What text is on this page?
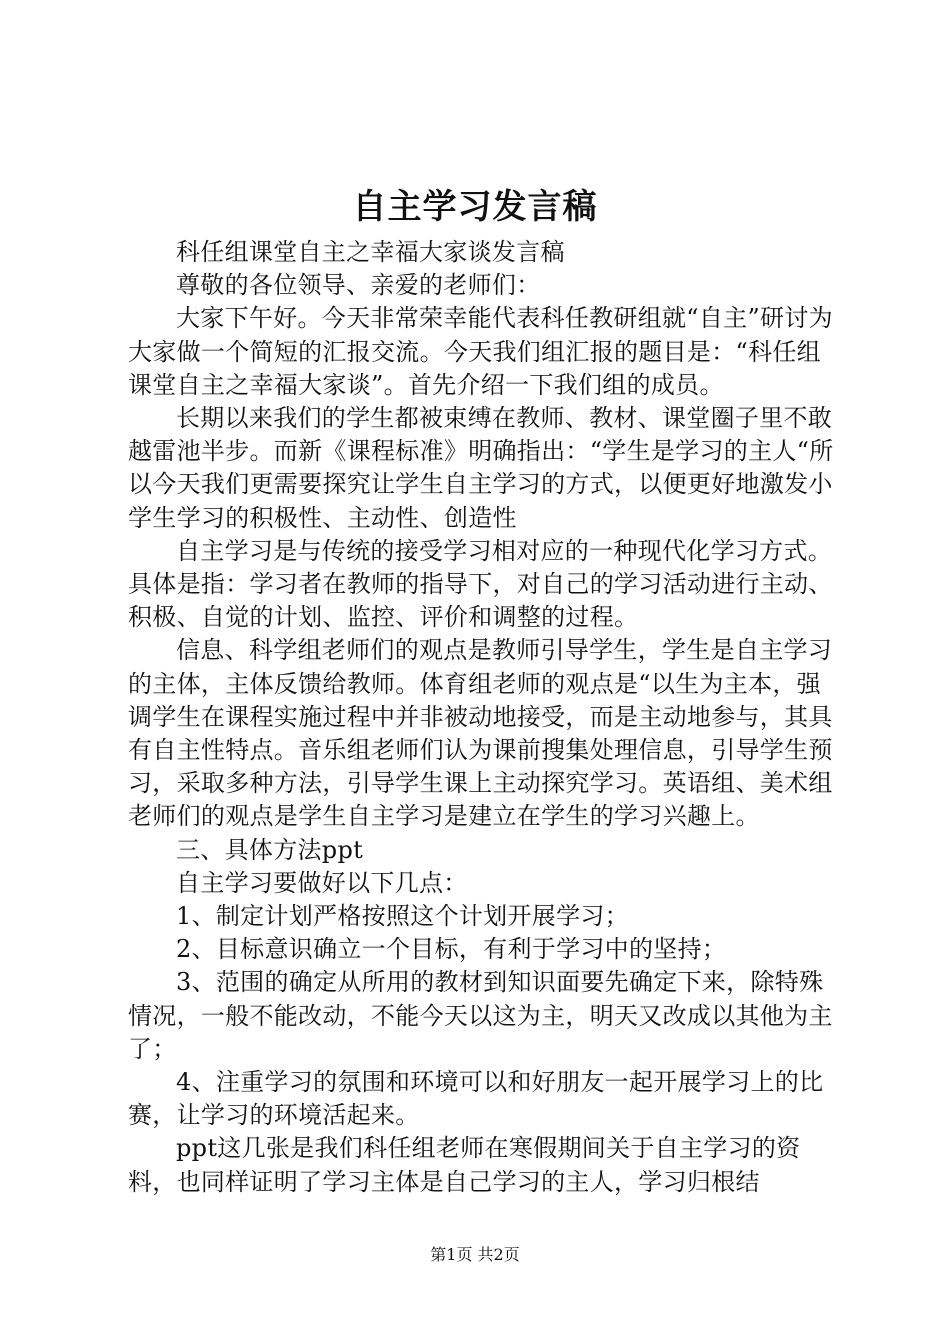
自主学习发言稿

科任组课堂自主之幸福大家谈发言稿

尊敬的各位领导、亲爱的老师们：

大家下午好。今天非常荣幸能代表科任教研组就“自主”研讨为大家做一个简短的汇报交流。今天我们组汇报的题目是：“科任组课堂自主之幸福大家谈”。首先介绍一下我们组的成员。

长期以来我们的学生都被束缚在教师、教材、课堂圈子里不敢越雷池半步。而新《课程标准》明确指出：“学生是学习的主人“所以今天我们更需要探究让学生自主学习的方式，以便更好地激发小学生学习的积极性、主动性、创造性

自主学习是与传统的接受学习相对应的一种现代化学习方式。具体是指：学习者在教师的指导下，对自己的学习活动进行主动、积极、自觉的计划、监控、评价和调整的过程。

信息、科学组老师们的观点是教师引导学生，学生是自主学习的主体，主体反馈给教师。体育组老师的观点是“以生为主本，强调学生在课程实施过程中并非被动地接受，而是主动地参与，其具有自主性特点。音乐组老师们认为课前搜集处理信息，引导学生预习，采取多种方法，引导学生课上主动探究学习。英语组、美术组老师们的观点是学生自主学习是建立在学生的学习兴趣上。

三、具体方法ppt

自主学习要做好以下几点：

1、制定计划严格按照这个计划开展学习；

2、目标意识确立一个目标，有利于学习中的坚持；

3、范围的确定从所用的教材到知识面要先确定下来，除特殊情况，一般不能改动，不能今天以这为主，明天又改成以其他为主了；

4、注重学习的氛围和环境可以和好朋友一起开展学习上的比赛，让学习的环境活起来。

ppt这几张是我们科任组老师在寒假期间关于自主学习的资料，也同样证明了学习主体是自己学习的主人，学习归根结

第1页 共2页
